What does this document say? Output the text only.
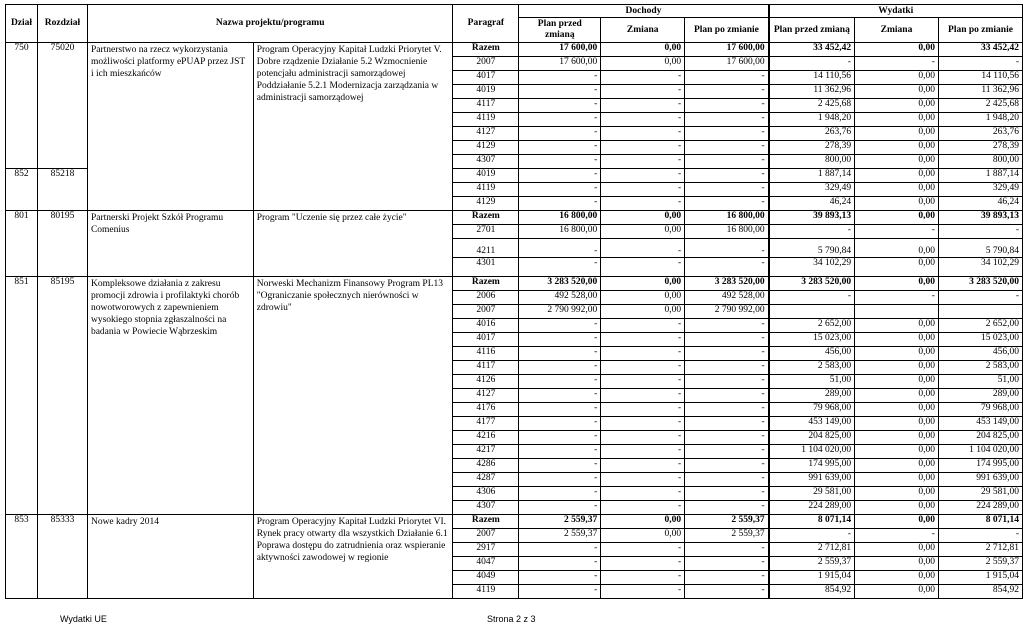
Dział	Rozdział	Nazwa projektu/programu		Paragraf	Dochody			Wydatki		
					Plan przed zmianą	Zmiana	Plan po zmianie	Plan przed zmianą	Zmiana	Plan po zmianie
750	75020	Partnerstwo na rzecz wykorzystania możliwości platformy ePUAP przez JST i ich mieszkańców	Program Operacyjny Kapitał Ludzki Priorytet V. Dobre rządzenie Działanie 5.2 Wzmocnienie potencjału administracji samorządowej Poddziałanie 5.2.1 Modernizacja zarządzania w administracji samorządowej	Razem	17 600,00	0,00	17 600,00	33 452,42	0,00	33 452,42
				2007	17 600,00	0,00	17 600,00	-	-	-
				4017	-	-	-	14 110,56	0,00	14 110,56
				4019	-	-	-	11 362,96	0,00	11 362,96
				4117	-	-	-	2 425,68	0,00	2 425,68
				4119	-	-	-	1 948,20	0,00	1 948,20
				4127	-	-	-	263,76	0,00	263,76
				4129	-	-	-	278,39	0,00	278,39
				4307	-	-	-	800,00	0,00	800,00
852	85218			4019	-	-	-	1 887,14	0,00	1 887,14
				4119	-	-	-	329,49	0,00	329,49
				4129	-	-	-	46,24	0,00	46,24
801	80195	Partnerski Projekt Szkół Programu Comenius	Program "Uczenie się przez całe życie"	Razem	16 800,00	0,00	16 800,00	39 893,13	0,00	39 893,13
				2701	16 800,00	0,00	16 800,00	-	-	-
				4211	-	-	-	5 790,84	0,00	5 790,84
				4301	-	-	-	34 102,29	0,00	34 102,29
851	85195	Kompleksowe działania z zakresu promocji zdrowia i profilaktyki chorób nowotworowych z zapewnieniem wysokiego stopnia zgłaszalności na badania w Powiecie Wąbrzeskim	Norweski Mechanizm Finansowy Program PL13 "Ograniczanie społecznych nierówności w zdrowiu"	Razem	3 283 520,00	0,00	3 283 520,00	3 283 520,00	0,00	3 283 520,00
				2006	492 528,00	0,00	492 528,00	-	-	-
				2007	2 790 992,00	0,00	2 790 992,00			
				4016	-	-	-	2 652,00	0,00	2 652,00
				4017	-	-	-	15 023,00	0,00	15 023,00
				4116	-	-	-	456,00	0,00	456,00
				4117	-	-	-	2 583,00	0,00	2 583,00
				4126	-	-	-	51,00	0,00	51,00
				4127	-	-	-	289,00	0,00	289,00
				4176	-	-	-	79 968,00	0,00	79 968,00
				4177	-	-	-	453 149,00	0,00	453 149,00
				4216	-	-	-	204 825,00	0,00	204 825,00
				4217	-	-	-	1 104 020,00	0,00	1 104 020,00
				4286	-	-	-	174 995,00	0,00	174 995,00
				4287	-	-	-	991 639,00	0,00	991 639,00
				4306	-	-	-	29 581,00	0,00	29 581,00
				4307	-	-	-	224 289,00	0,00	224 289,00
853	85333	Nowe kadry 2014	Program Operacyjny Kapitał Ludzki Priorytet VI. Rynek pracy otwarty dla wszystkich Działanie 6.1 Poprawa dostępu do zatrudnienia oraz wspieranie aktywności zawodowej w regionie	Razem	2 559,37	0,00	2 559,37	8 071,14	0,00	8 071,14
				2007	2 559,37	0,00	2 559,37	-	-	-
				2917	-	-	-	2 712,81	0,00	2 712,81
				4047	-	-	-	2 559,37	0,00	2 559,37
				4049	-	-	-	1 915,04	0,00	1 915,04
				4119	-	-	-	854,92	0,00	854,92
Wydatki UE	Strona 2 z 3
